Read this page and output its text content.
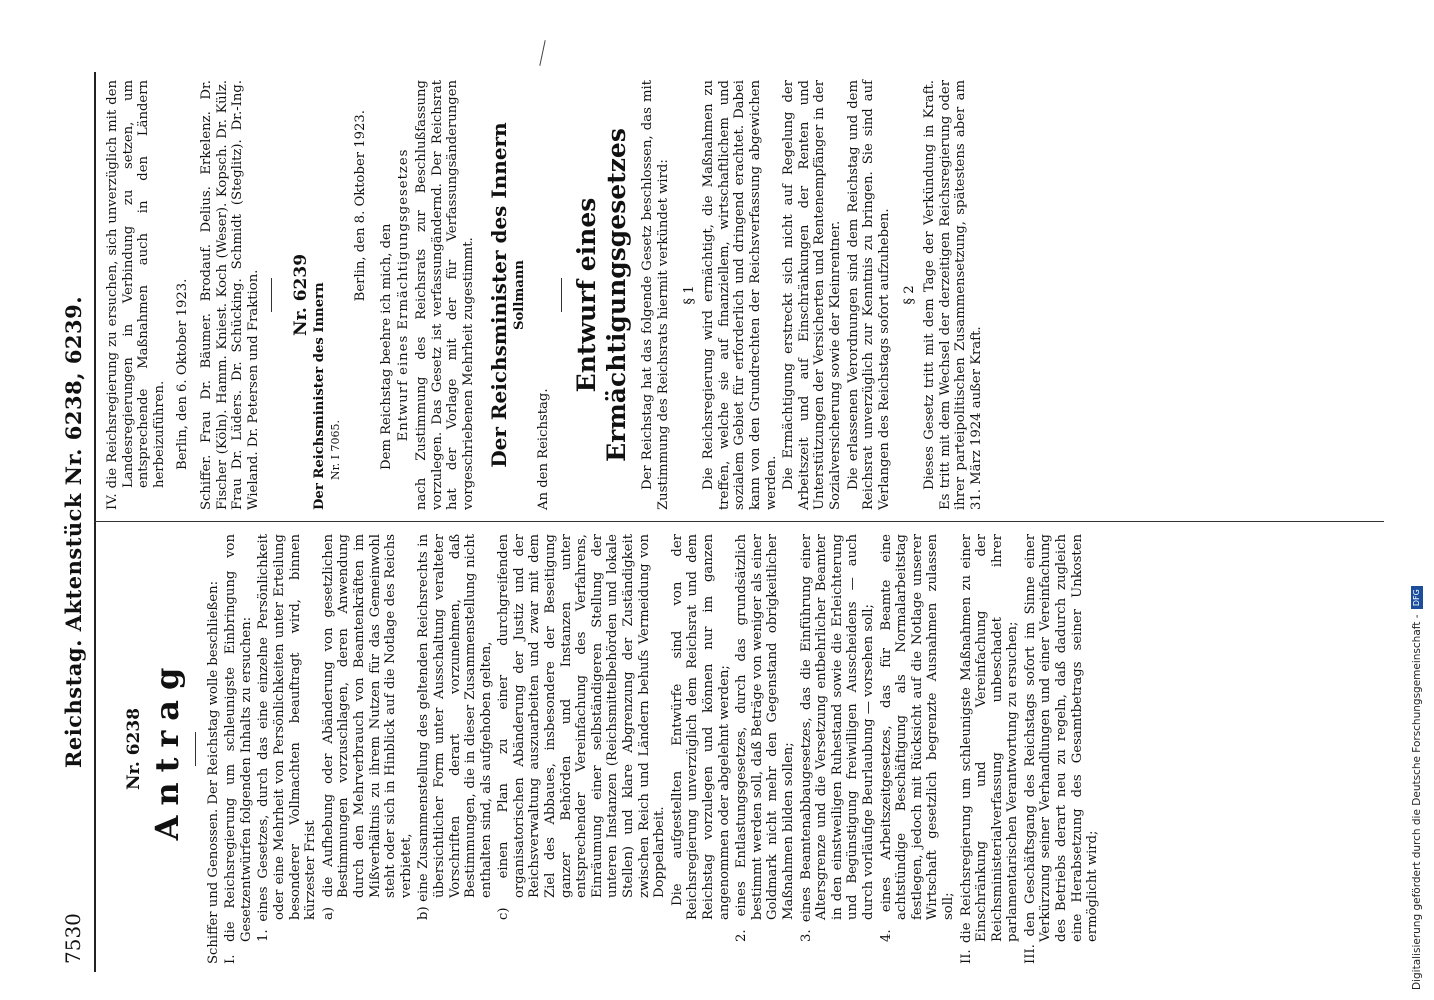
7530
Reichstag. Aktenstück Nr. 6238, 6239. Nr. 6238 Antrag Schiffer und Genossen. Der Reichstag wolle beschließen: I. die Reichsregierung um schleunigste Einbringung von Gesetzentwürfen folgenden Inhalts zu ersuchen: 1. eines Gesetzes, durch das eine einzelne Persönlichkeit oder eine Mehrheit von Persönlichkeiten unter Erteilung besonderer Vollmachten beauftragt wird, binnen kürzester Frist a) die Aufhebung oder Abänderung von gesetzlichen Bestimmungen vorzuschlagen, deren Anwendung durch den Mehrverbrauch von Beamtenkräften im Mißverhältnis zu ihrem Nutzen für das Gemeinwohl steht oder sich in Hinblick auf die Notlage des Reichs verbietet, b) eine Zusammenstellung des geltenden Reichsrechts in übersichtlicher Form unter Ausschaltung veralteter Vorschriften derart vorzunehmen, daß Bestimmungen, die in dieser Zusammenstellung nicht enthalten sind, als aufgehoben gelten, c) einen Plan zu einer durchgreifenden organisatorischen Abänderung der Justiz und der Reichsverwaltung auszuarbeiten und zwar mit dem Ziel des Abbaues, insbesondere der Beseitigung ganzer Behörden und Instanzen unter entsprechender Vereinfachung des Verfahrens, Einräumung einer selbständigeren Stellung der unteren Instanzen (Reichsmittelbehörden und lokale Stellen) und klare Abgrenzung der Zuständigkeit zwischen Reich und Ländern behufs Vermeidung von Doppelarbeit. Die aufgestellten Entwürfe sind von der Reichsregierung unverzüglich dem Reichsrat und dem Reichstag vorzulegen und können nur im ganzen angenommen oder abgelehnt werden; 2. eines Entlastungsgesetzes, durch das grundsätzlich bestimmt werden soll, daß Beträge von weniger als einer Goldmark nicht mehr den Gegenstand obrigkeitlicher Maßnahmen bilden sollen; 3. eines Beamtenabbaugesetzes, das die Einführung einer Altersgrenze und die Versetzung entbehrlicher Beamter in den einstweiligen Ruhestand sowie die Erleichterung und Begünstigung freiwilligen Ausscheidens — auch durch vorläufige Beurlaubung — vorsehen soll; 4. eines Arbeitszeitgesetzes, das für Beamte eine achtstündige Beschäftigung als Normalarbeitstag festlegen, jedoch mit Rücksicht auf die Notlage unserer Wirtschaft gesetzlich begrenzte Ausnahmen zulassen soll; II. die Reichsregierung um schleunigste Maßnahmen zu einer Einschränkung und Vereinfachung der Reichsministerialverfassung unbeschadet ihrer parlamentarischen Verantwortung zu ersuchen; III. den Geschäftsgang des Reichstags sofort im Sinne einer Verkürzung seiner Verhandlungen und einer Vereinfachung des Betriebs derart neu zu regeln, daß dadurch zugleich eine Herabsetzung des Gesamtbetrags seiner Unkosten ermöglicht wird;
IV. die Reichsregierung zu ersuchen, sich unverzüglich mit den Landesregierungen in Verbindung zu setzen, um entsprechende Maßnahmen auch in den Ländern herbeizuführen. Berlin, den 6. Oktober 1923. Schiffer. Frau Dr. Bäumer. Brodauf. Delius. Erkelenz. Dr. Fischer (Köln). Hamm. Kniest. Koch (Weser). Kopsch. Dr. Külz. Frau Dr. Lüders. Dr. Schücking. Schmidt (Steglitz). Dr.-Ing. Wieland. Dr. Petersen und Fraktion. Nr. 6239 Der Reichsminister des Innern Nr. I 7065.
Berlin, den 8. Oktober 1923.
Dem Reichstag beehre ich mich, den Entwurf eines Ermächtigungsgesetzes nach Zustimmung des Reichsrats zur Beschlußfassung vorzulegen. Das Gesetz ist verfassungändernd. Der Reichsrat hat der Vorlage mit der für Verfassungsänderungen vorgeschriebenen Mehrheit zugestimmt. Der Reichsminister des Innern Sollmann
An den Reichstag.
Entwurf eines Ermächtigungsgesetzes Der Reichstag hat das folgende Gesetz beschlossen, das mit Zustimmung des Reichsrats hiermit verkündet wird: § 1 Die Reichsregierung wird ermächtigt, die Maßnahmen zu treffen, welche sie auf finanziellem, wirtschaftlichem und sozialem Gebiet für erforderlich und dringend erachtet. Dabei kann von den Grundrechten der Reichsverfassung abgewichen werden. Die Ermächtigung erstreckt sich nicht auf Regelung der Arbeitszeit und auf Einschränkungen der Renten und Unterstützungen der Versicherten und Rentenempfänger in der Sozialversicherung sowie der Kleinrentner. Die erlassenen Verordnungen sind dem Reichstag und dem Reichsrat unverzüglich zur Kenntnis zu bringen. Sie sind auf Verlangen des Reichstags sofort aufzuheben. § 2 Dieses Gesetz tritt mit dem Tage der Verkündung in Kraft. Es tritt mit dem Wechsel der derzeitigen Reichsregierung oder ihrer parteipolitischen Zusammensetzung, spätestens aber am 31. März 1924 außer Kraft.
Digitalisierung gefördert durch die Deutsche Forschungsgemeinschaft - DFG
